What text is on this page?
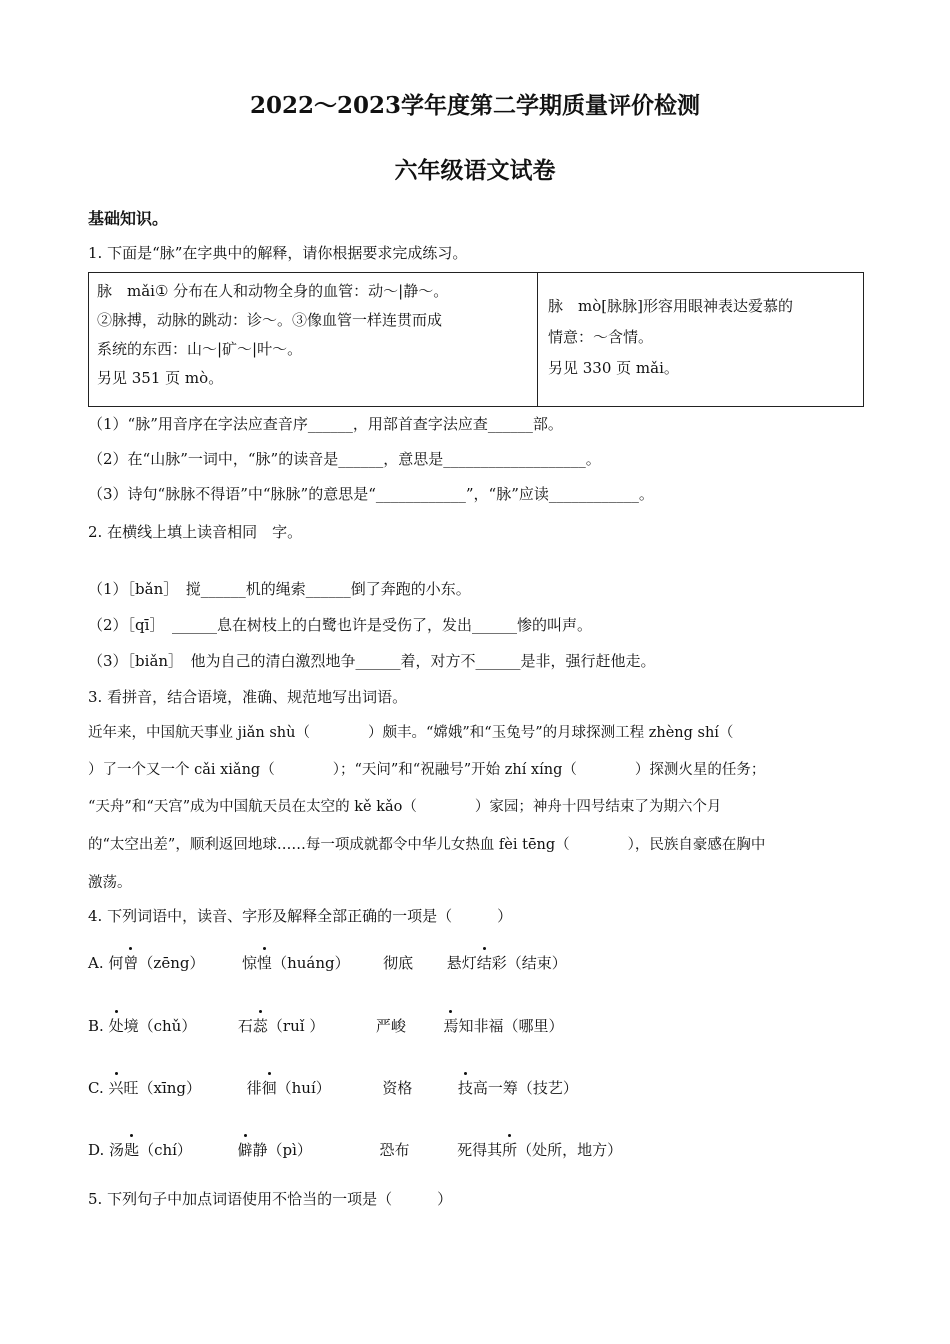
2022～2023学年度第二学期质量评价检测
六年级语文试卷
基础知识。
1. 下面是“脉”在字典中的解释，请你根据要求完成练习。
脉　mǎi① 分布在人和动物全身的血管：动～|静～。
②脉搏，动脉的跳动：诊～。③像血管一样连贯而成
系统的东西：山～|矿～|叶～。
另见 351 页 mò。
脉　mò[脉脉]形容用眼神表达爱慕的
情意：～含情。
另见 330 页 mǎi。
（1）“脉”用音序在字法应查音序______，用部首查字法应查______部。
（2）在“山脉”一词中，“脉”的读音是______，意思是___________________。
（3）诗句“脉脉不得语”中“脉脉”的意思是“____________”，“脉”应读____________。
2. 在横线上填上读音相同　字。
（1）［bǎn］　搅______机的绳索______倒了奔跑的小东。
（2）［qī］　______息在树枝上的白鹭也许是受伤了，发出______惨的叫声。
（3）［biǎn］　他为自己的清白激烈地争______着，对方不______是非，强行赶他走。
3. 看拼音，结合语境，准确、规范地写出词语。
近年来，中国航天事业 jiǎn shù（　　　　）颇丰。“嫦娥”和“玉兔号”的月球探测工程 zhèng shí（
）了一个又一个 cǎi xiǎng（　　　　）；“天问”和“祝融号”开始 zhí xíng（　　　　）探测火星的任务；
“天舟”和“天宫”成为中国航天员在太空的 kě kǎo（　　　　）家园；神舟十四号结束了为期六个月
的“太空出差”，顺利返回地球……每一项成就都令中华儿女热血 fèi tēng（　　　　），民族自豪感在胸中
激荡。
4. 下列词语中，读音、字形及解释全部正确的一项是（　　　）
A. 何曾（zēng）	惊惶（huáng） 彻底 悬灯结彩（结束）
B. 处境（chǔ）	石蕊（ruǐ ）	严峻	焉知非福（哪里）
C. 兴旺（xīng）	徘徊（huí）	资格	技高一筹（技艺）
D. 汤匙（chí）	僻静（pì）	恐布	死得其所（处所，地方）
5. 下列句子中加点词语使用不恰当的一项是（　　　）
